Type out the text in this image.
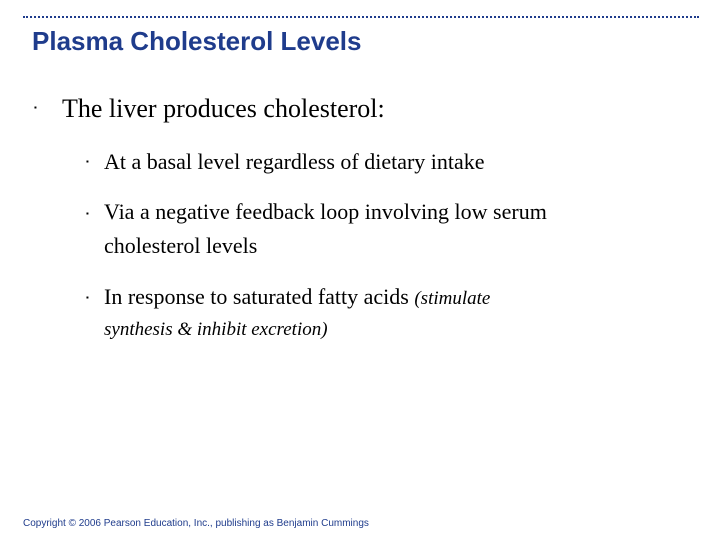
Plasma Cholesterol Levels
▪ The liver produces cholesterol:
▪ At a basal level regardless of dietary intake
▪ Via a negative feedback loop involving low serum
cholesterol levels
▪ In response to saturated fatty acids (stimulate
synthesis & inhibit excretion)
Copyright © 2006 Pearson Education, Inc., publishing as Benjamin Cummings
